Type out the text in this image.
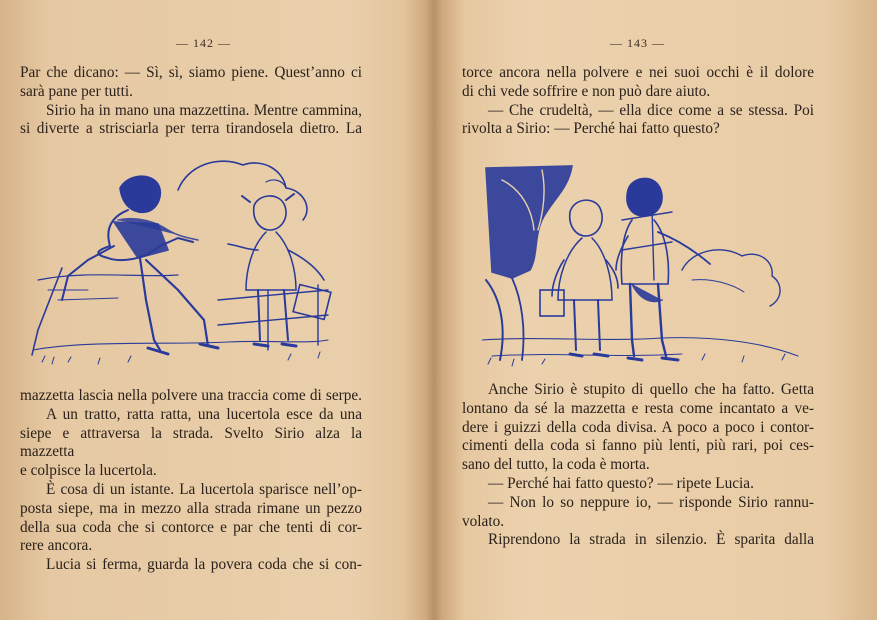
— 142 —

Par che dicano: — Sì, sì, siamo piene. Quest’anno ci

sarà pane per tutti.

Sirio ha in mano una mazzettina. Mentre cammina,

si diverte a strisciarla per terra tirandosela dietro. La

mazzetta lascia nella polvere una traccia come di serpe.

A un tratto, ratta ratta, una lucertola esce da una

siepe e attraversa la strada. Svelto Sirio alza la mazzetta

e colpisce la lucertola.

È cosa di un istante. La lucertola sparisce nell’op-

posta siepe, ma in mezzo alla strada rimane un pezzo

della sua coda che si contorce e par che tenti di cor-

rere ancora.

Lucia si ferma, guarda la povera coda che si con-

— 143 —

torce ancora nella polvere e nei suoi occhi è il dolore

di chi vede soffrire e non può dare aiuto.

— Che crudeltà, — ella dice come a se stessa. Poi

rivolta a Sirio: — Perché hai fatto questo?

Anche Sirio è stupito di quello che ha fatto. Getta

lontano da sé la mazzetta e resta come incantato a ve-

dere i guizzi della coda divisa. A poco a poco i contor-

cimenti della coda si fanno più lenti, più rari, poi ces-

sano del tutto, la coda è morta.

— Perché hai fatto questo? — ripete Lucia.

— Non lo so neppure io, — risponde Sirio rannu-

volato.

Riprendono la strada in silenzio. È sparita dalla
